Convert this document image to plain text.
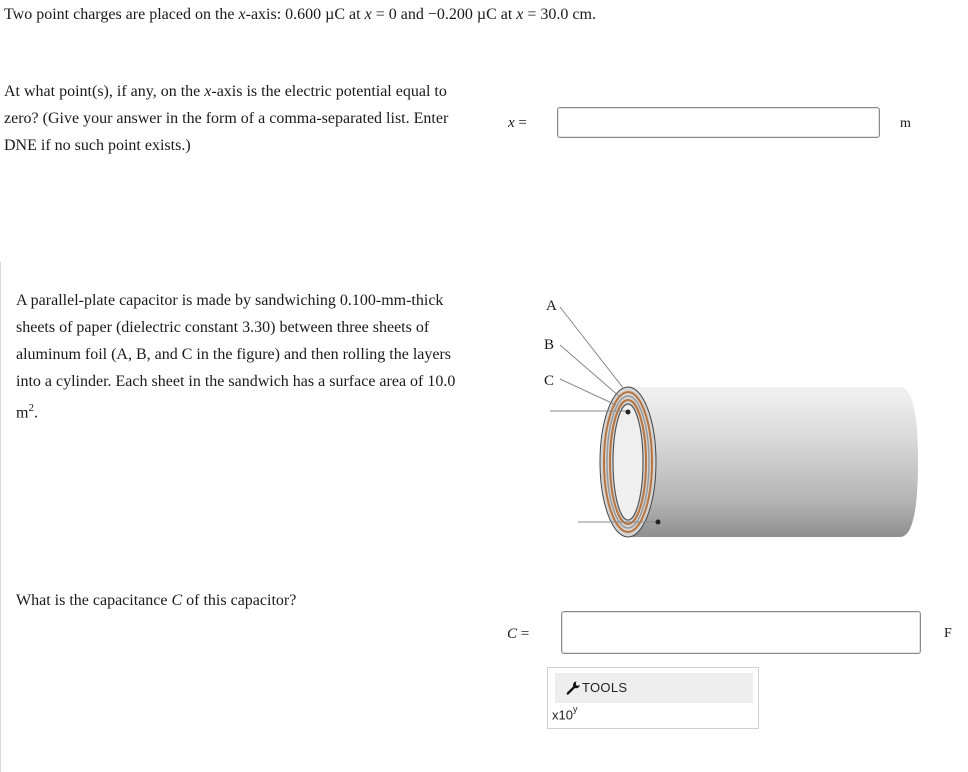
Two point charges are placed on the x-axis: 0.600 µC at x = 0 and −0.200 µC at x = 30.0 cm.
At what point(s), if any, on the x-axis is the electric potential equal to zero? (Give your answer in the form of a comma-separated list. Enter DNE if no such point exists.)
x =	m
A parallel-plate capacitor is made by sandwiching 0.100-mm-thick sheets of paper (dielectric constant 3.30) between three sheets of aluminum foil (A, B, and C in the figure) and then rolling the layers into a cylinder. Each sheet in the sandwich has a surface area of 10.0 $m^2$.
A
B
C
What is the capacitance C of this capacitor?
C =	F
TOOLS
x10$^y$
